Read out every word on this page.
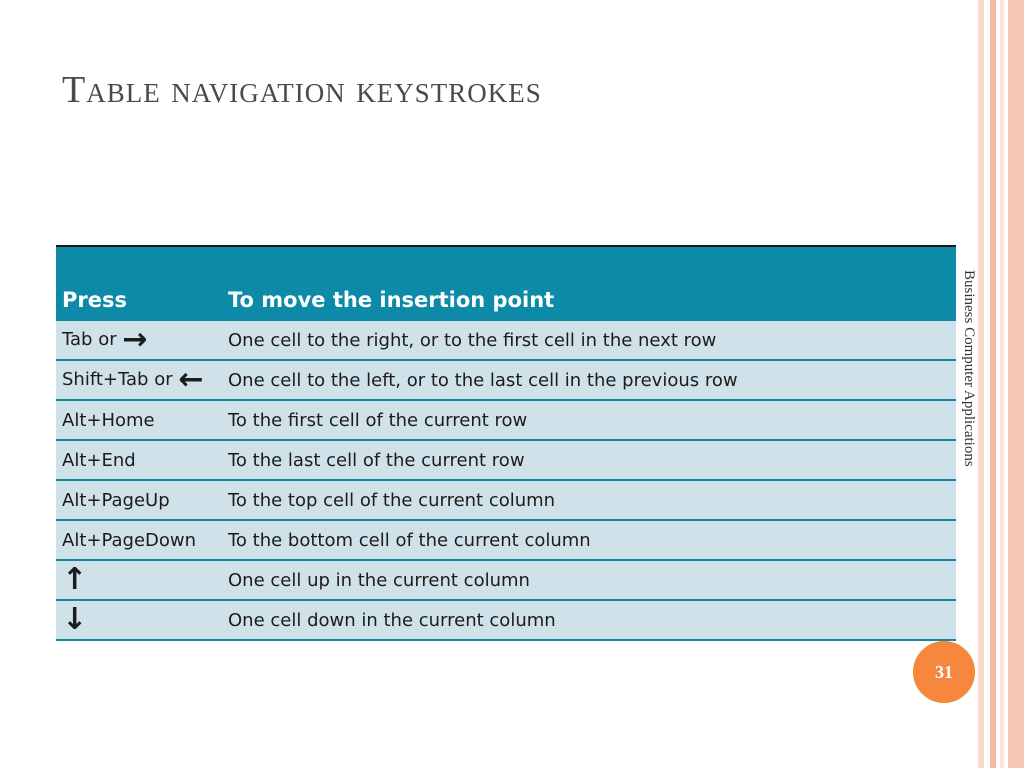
Table navigation keystrokes
Press	To move the insertion point
Tab or →	One cell to the right, or to the first cell in the next row
Shift+Tab or ←	One cell to the left, or to the last cell in the previous row
Alt+Home	To the first cell of the current row
Alt+End	To the last cell of the current row
Alt+PageUp	To the top cell of the current column
Alt+PageDown	To the bottom cell of the current column
↑	One cell up in the current column
↓	One cell down in the current column
Business Computer Applications
31
